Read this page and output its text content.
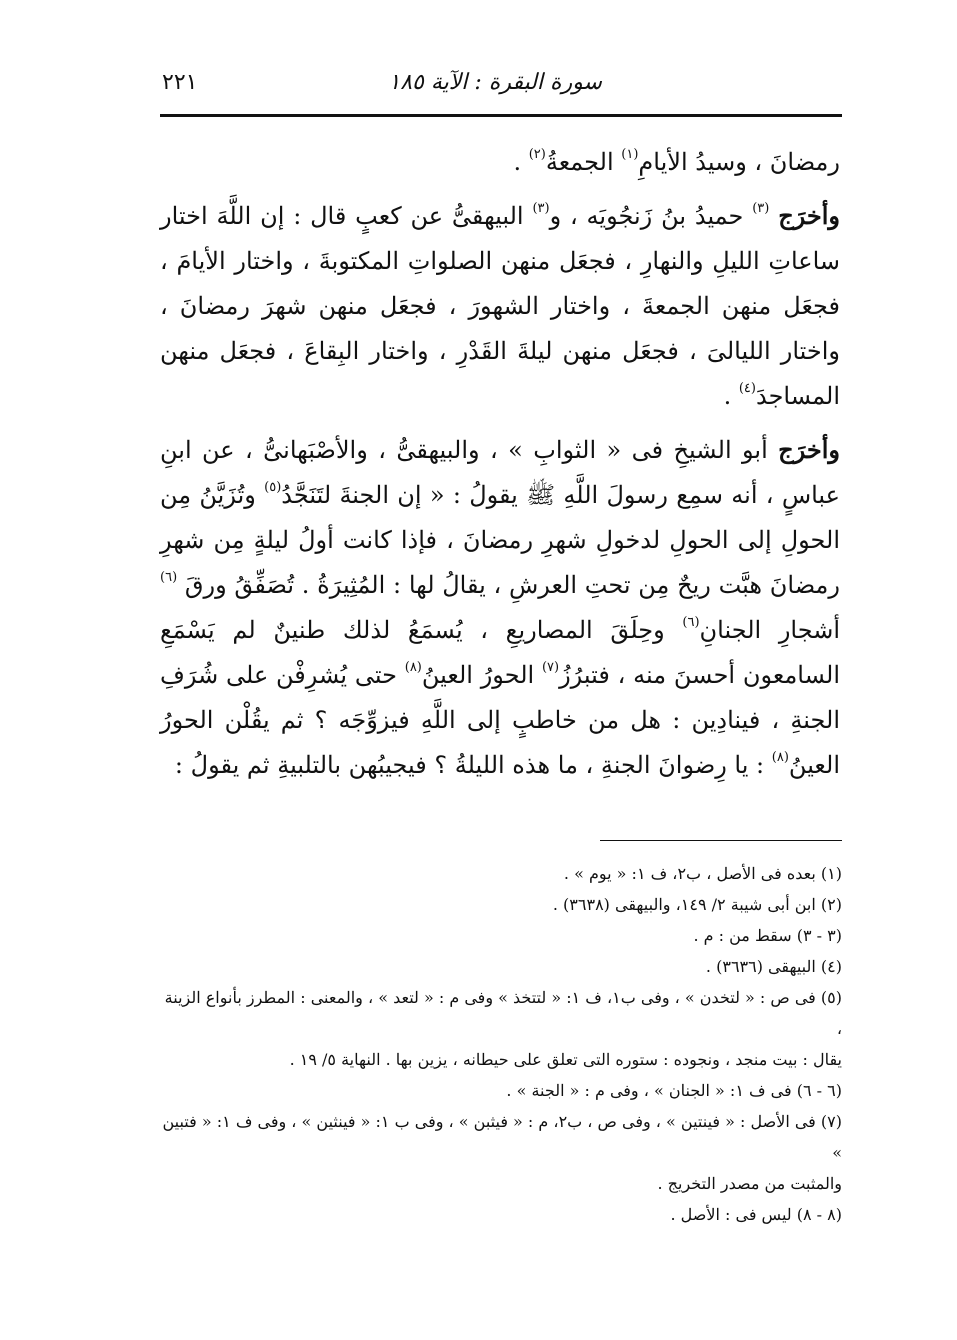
سورة البقرة : الآية ١٨٥
٢٢١

رمضانَ ، وسيدُ الأيامِ$^{(١)}$ الجمعةُ$^{(٢)}$ .

وأخرَج $^{(٣)}$ حميدُ بنُ زَنجُويَه ، و$^{(٣)}$ البيهقىُّ عن كعبٍ قال : إن اللَّهَ اختار ساعاتِ الليلِ والنهارِ ، فجعَل منهن الصلواتِ المكتوبةَ ، واختار الأيامَ ، فجعَل منهن الجمعةَ ، واختار الشهورَ ، فجعَل منهن شهرَ رمضانَ ، واختار الليالىَ ، فجعَل منهن ليلةَ القَدْرِ ، واختار البِقاعَ ، فجعَل منهن المساجدَ$^{(٤)}$ .

وأخرَج أبو الشيخِ فى « الثوابِ » ، والبيهقىُّ ، والأصْبَهانىُّ ، عن ابنِ عباسٍ ، أنه سمِع رسولَ اللَّهِ ﷺ يقولُ : « إن الجنةَ لتَنَجَّدُ$^{(٥)}$ وتُزَيَّنُ مِن الحولِ إلى الحولِ لدخولِ شهرِ رمضانَ ، فإذا كانت أولُ ليلةٍ مِن شهرِ رمضانَ هبَّت ريحٌ مِن تحتِ العرشِ ، يقالُ لها : المُثِيرَةُ . تُصَفِّقُ ورقَ $^{(٦)}$ أشجارِ الجنانِ$^{(٦)}$ وحِلَقَ المصاريعِ ، يُسمَعُ لذلك طنينٌ لم يَسْمَعِ السامعون أحسنَ منه ، فتبرُزُ$^{(٧)}$ الحورُ العينُ$^{(٨)}$ حتى يُشرِفْن على شُرَفِ الجنةِ ، فينادِين : هل من خاطبٍ إلى اللَّهِ فيزوِّجَه ؟ ثم يقُلْن الحورُ العينُ$^{(٨)}$ : يا رِضوانَ الجنةِ ، ما هذه الليلةُ ؟ فيجيبُهن بالتلبيةِ ثم يقولُ :

(١) بعده فى الأصل ، ب٢، ف ١: « يوم » .

(٢) ابن أبى شيبة ٢/ ١٤٩، والبيهقى (٣٦٣٨) .

(٣ - ٣) سقط من : م .

(٤) البيهقى (٣٦٣٦) .

(٥) فى ص : « لتخدن » ، وفى ب١، ف ١: « لتتخذ » وفى م : « لتعد » ، والمعنى : المطرز بأنواع الزينة ،

يقال : بيت منجد ، ونجوده : ستوره التى تعلق على حيطانه ، يزين بها . النهاية ٥/ ١٩ .

(٦ - ٦) فى ف ١: « الجنان » ، وفى م : « الجنة » .

(٧) فى الأصل : « فينتين » ، وفى ص ، ب٢، م : « فيثبن » ، وفى ب ١: « فينثين » ، وفى ف ١: « فتبين »

والمثبت من مصدر التخريج .

(٨ - ٨) ليس فى : الأصل .
